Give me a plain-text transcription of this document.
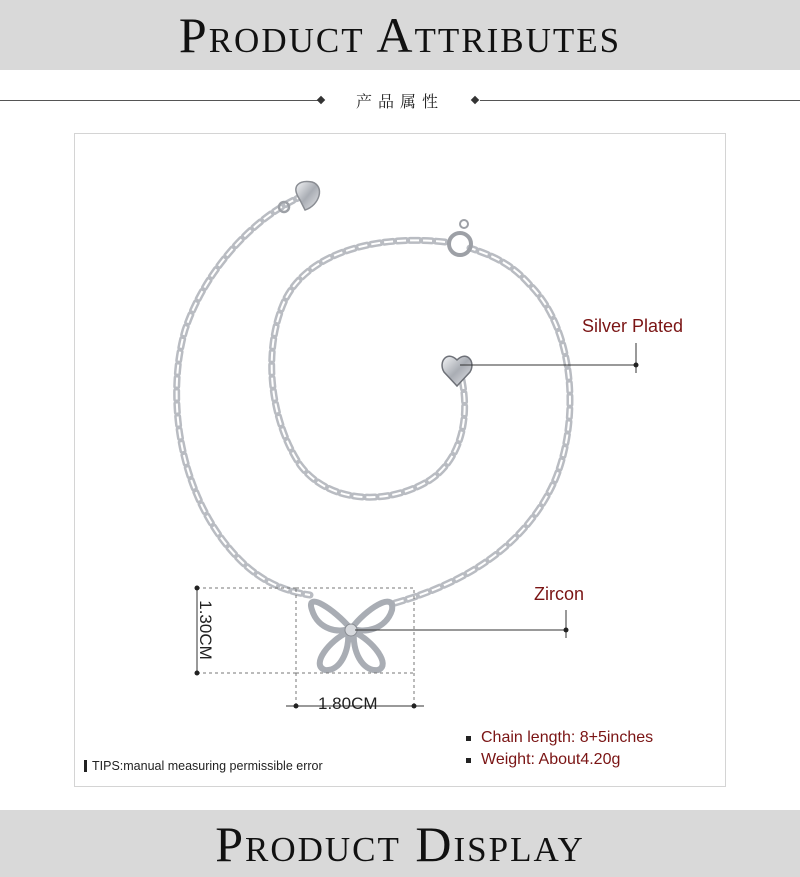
Product Attributes
产品属性
Silver Plated
Zircon
1.30CM
1.80CM
Chain length: 8+5inches
Weight: About4.20g
TIPS:manual measuring permissible error
Product Display
